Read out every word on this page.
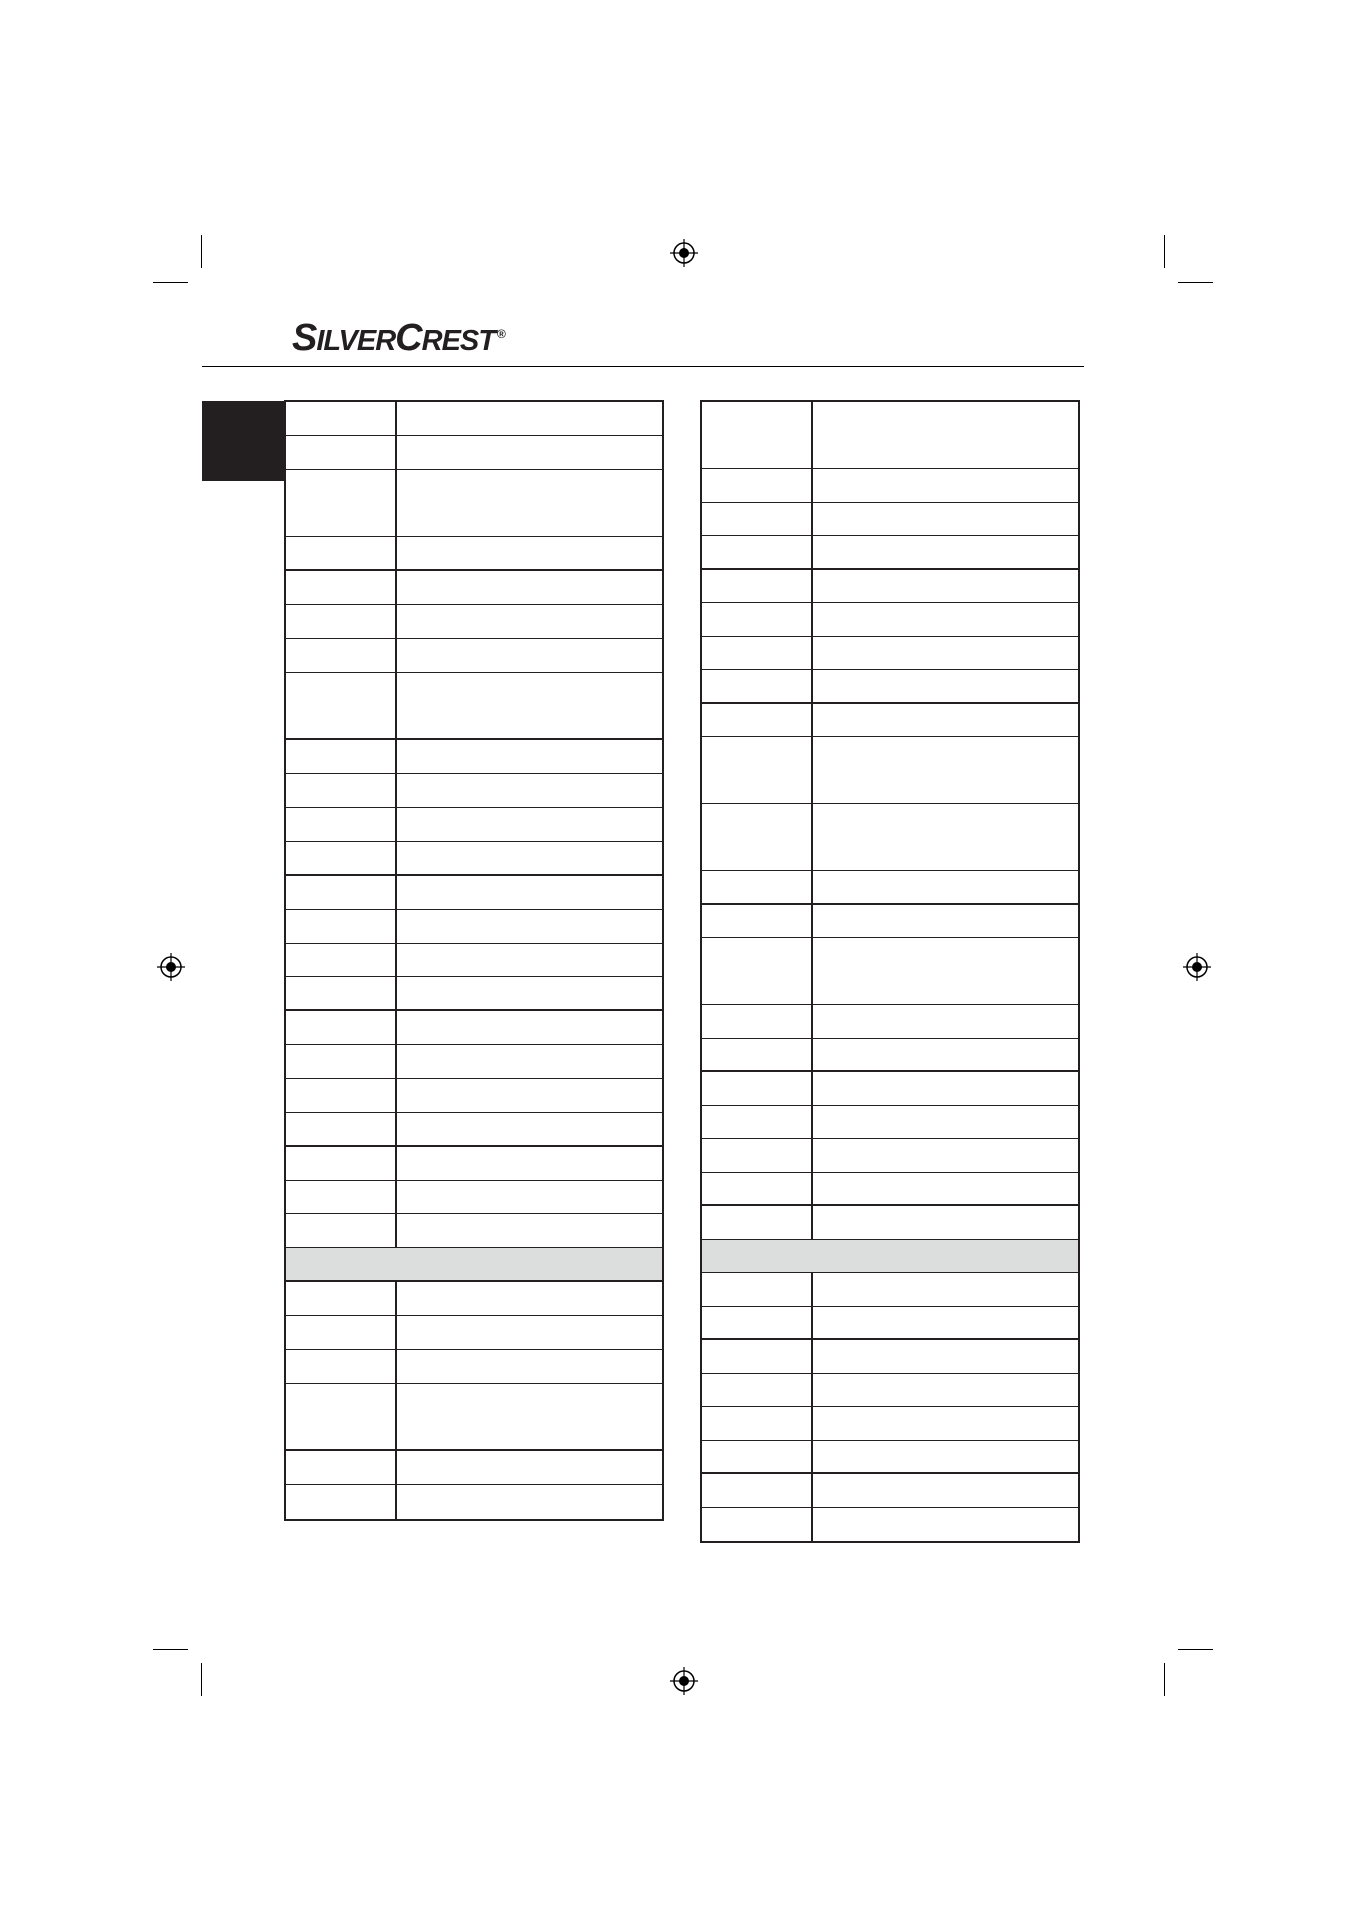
SILVERCREST ®
